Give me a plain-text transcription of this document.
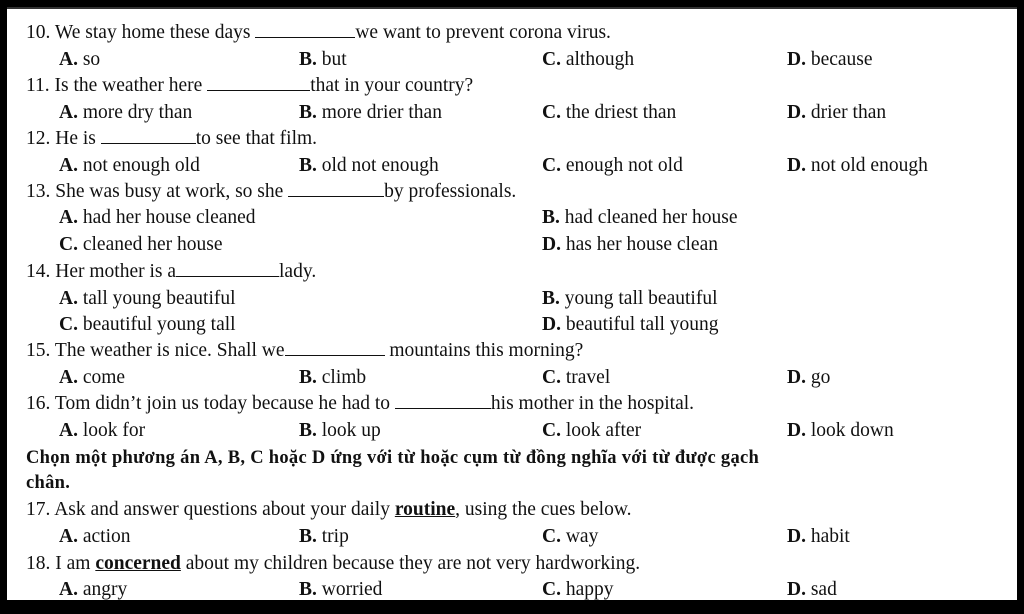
10. We stay home these days	we want to prevent corona virus.
A. so	B. but	C. although	D. because
11. Is the weather here	that in your country?
A. more dry than	B. more drier than	C. the driest than	D. drier than
12. He is	to see that film.
A. not enough old	B. old not enough	C. enough not old	D. not old enough
13. She was busy at work, so she	by professionals.
A. had her house cleaned	B. had cleaned her house
C. cleaned her house	D. has her house clean
14. Her mother is a	lady.
A. tall young beautiful	B. young tall beautiful
C. beautiful young tall	D. beautiful tall young
15. The weather is nice. Shall we	mountains this morning?
A. come	B. climb	C. travel	D. go
16. Tom didn’t join us today because he had to	his mother in the hospital.
A. look for	B. look up	C. look after	D. look down
Chọn một phương án A, B, C hoặc D ứng với từ hoặc cụm từ đồng nghĩa với từ được gạch
chân.
17. Ask and answer questions about your daily routine, using the cues below.
A. action	B. trip	C. way	D. habit
18. I am concerned about my children because they are not very hardworking.
A. angry	B. worried	C. happy	D. sad
